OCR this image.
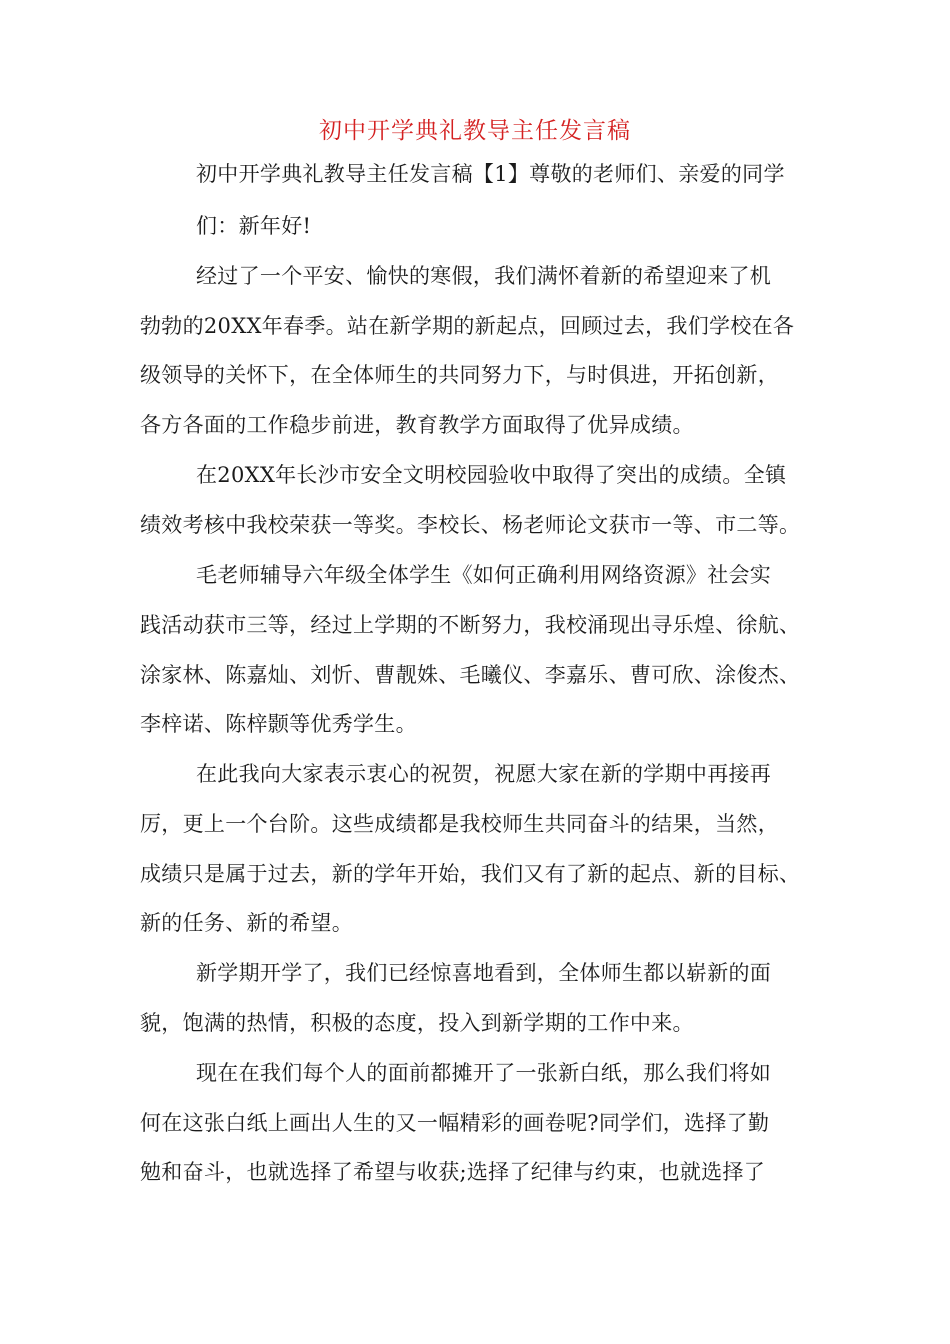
初中开学典礼教导主任发言稿
初中开学典礼教导主任发言稿【1】尊敬的老师们、亲爱的同学
们：新年好!
经过了一个平安、愉快的寒假，我们满怀着新的希望迎来了机
勃勃的20XX年春季。站在新学期的新起点，回顾过去，我们学校在各
级领导的关怀下，在全体师生的共同努力下，与时俱进，开拓创新，
各方各面的工作稳步前进，教育教学方面取得了优异成绩。
在20XX年长沙市安全文明校园验收中取得了突出的成绩。全镇
绩效考核中我校荣获一等奖。李校长、杨老师论文获市一等、市二等。
毛老师辅导六年级全体学生《如何正确利用网络资源》社会实
践活动获市三等，经过上学期的不断努力，我校涌现出寻乐煌、徐航、
涂家林、陈嘉灿、刘忻、曹靓姝、毛曦仪、李嘉乐、曹可欣、涂俊杰、
李梓诺、陈梓颢等优秀学生。
在此我向大家表示衷心的祝贺，祝愿大家在新的学期中再接再
厉，更上一个台阶。这些成绩都是我校师生共同奋斗的结果，当然，
成绩只是属于过去，新的学年开始，我们又有了新的起点、新的目标、
新的任务、新的希望。
新学期开学了，我们已经惊喜地看到，全体师生都以崭新的面
貌，饱满的热情，积极的态度，投入到新学期的工作中来。
现在在我们每个人的面前都摊开了一张新白纸，那么我们将如
何在这张白纸上画出人生的又一幅精彩的画卷呢?同学们，选择了勤
勉和奋斗，也就选择了希望与收获;选择了纪律与约束，也就选择了
